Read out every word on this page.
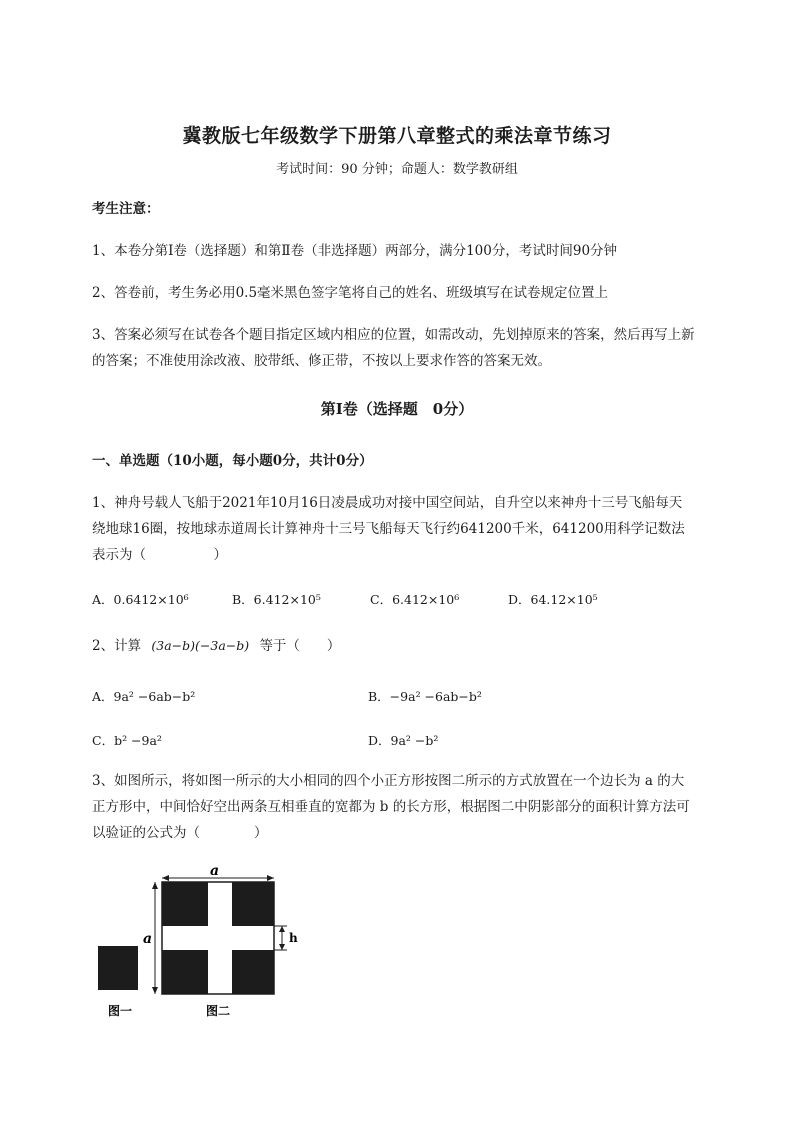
冀教版七年级数学下册第八章整式的乘法章节练习
考试时间：90 分钟；命题人：数学教研组
考生注意：
1、本卷分第Ⅰ卷（选择题）和第Ⅱ卷（非选择题）两部分，满分100分，考试时间90分钟
2、答卷前，考生务必用0.5毫米黑色签字笔将自己的姓名、班级填写在试卷规定位置上
3、答案必须写在试卷各个题目指定区域内相应的位置，如需改动，先划掉原来的答案，然后再写上新
的答案；不准使用涂改液、胶带纸、修正带，不按以上要求作答的答案无效。
第Ⅰ卷（选择题　0分）
一、单选题（10小题，每小题0分，共计0分）
1、神舟号载人飞船于2021年10月16日凌晨成功对接中国空间站，自升空以来神舟十三号飞船每天
绕地球16圈，按地球赤道周长计算神舟十三号飞船每天飞行约641200千米，641200用科学记数法
表示为（　　　　　）
A．0.6412×10⁶	B．6.412×10⁵	C．6.412×10⁶	D．64.12×10⁵
2、计算 (3a−b)(−3a−b) 等于（　　）
A．9a² −6ab−b²	B．−9a² −6ab−b²
C．b² −9a²	D．9a² −b²
3、如图所示，将如图一所示的大小相同的四个小正方形按图二所示的方式放置在一个边长为 a 的大
正方形中，中间恰好空出两条互相垂直的宽都为 b 的长方形，根据图二中阴影部分的面积计算方法可
以验证的公式为（　　　　）
图一	图二
a
a	h
